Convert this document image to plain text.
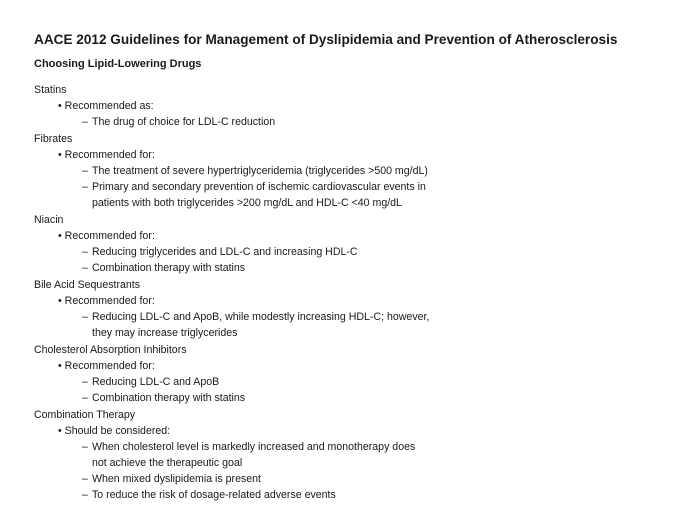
AACE 2012 Guidelines for Management of Dyslipidemia and Prevention of Atherosclerosis
Choosing Lipid-Lowering Drugs
Statins
• Recommended as:
– The drug of choice for LDL-C reduction
Fibrates
• Recommended for:
– The treatment of severe hypertriglyceridemia (triglycerides >500 mg/dL)
– Primary and secondary prevention of ischemic cardiovascular events in
patients with both triglycerides >200 mg/dL and HDL-C <40 mg/dL
Niacin
• Recommended for:
– Reducing triglycerides and LDL-C and increasing HDL-C
– Combination therapy with statins
Bile Acid Sequestrants
• Recommended for:
– Reducing LDL-C and ApoB, while modestly increasing HDL-C; however,
they may increase triglycerides
Cholesterol Absorption Inhibitors
• Recommended for:
– Reducing LDL-C and ApoB
– Combination therapy with statins
Combination Therapy
• Should be considered:
– When cholesterol level is markedly increased and monotherapy does
not achieve the therapeutic goal
– When mixed dyslipidemia is present
– To reduce the risk of dosage-related adverse events
